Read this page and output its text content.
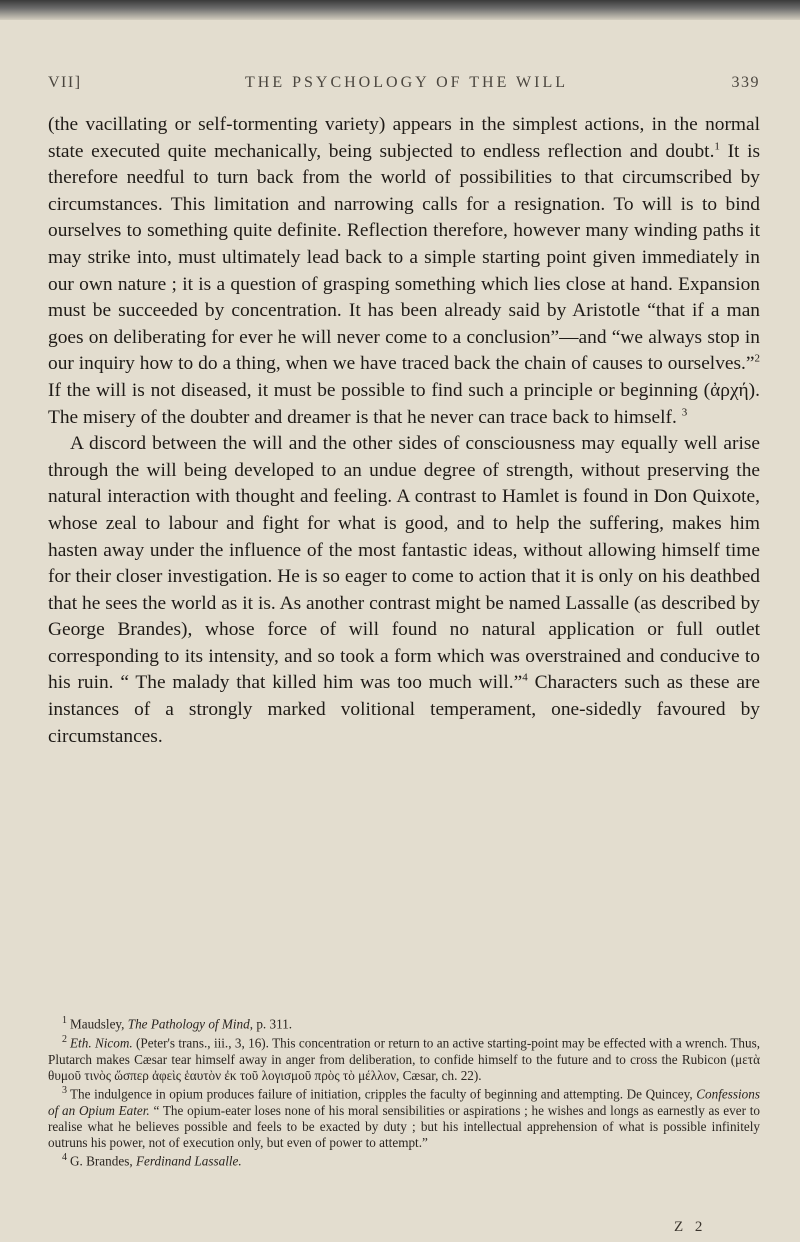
VII]	THE PSYCHOLOGY OF THE WILL	339

(the vacillating or self-tormenting variety) appears in the simplest actions, in the normal state executed quite mechanically, being subjected to endless reflection and doubt.$^1$ It is therefore needful to turn back from the world of possibilities to that circumscribed by circumstances. This limitation and narrowing calls for a resignation. To will is to bind ourselves to something quite definite. Reflection therefore, however many winding paths it may strike into, must ultimately lead back to a simple starting point given immediately in our own nature ; it is a question of grasping something which lies close at hand. Expansion must be succeeded by concentration. It has been already said by Aristotle “that if a man goes on deliberating for ever he will never come to a conclusion”—and “we always stop in our inquiry how to do a thing, when we have traced back the chain of causes to ourselves.”$^2$ If the will is not diseased, it must be possible to find such a principle or beginning (ἀρχή). The misery of the doubter and dreamer is that he never can trace back to himself. $^3$

A discord between the will and the other sides of consciousness may equally well arise through the will being developed to an undue degree of strength, without preserving the natural interaction with thought and feeling. A contrast to Hamlet is found in Don Quixote, whose zeal to labour and fight for what is good, and to help the suffering, makes him hasten away under the influence of the most fantastic ideas, without allowing himself time for their closer investigation. He is so eager to come to action that it is only on his deathbed that he sees the world as it is. As another contrast might be named Lassalle (as described by George Brandes), whose force of will found no natural application or full outlet corresponding to its intensity, and so took a form which was overstrained and conducive to his ruin. “ The malady that killed him was too much will.”$^4$ Characters such as these are instances of a strongly marked volitional temperament, one-sidedly favoured by circumstances.

$^1$ Maudsley, The Pathology of Mind, p. 311.

$^2$ Eth. Nicom. (Peter's trans., iii., 3, 16). This concentration or return to an active starting-point may be effected with a wrench. Thus, Plutarch makes Cæsar tear himself away in anger from deliberation, to confide himself to the future and to cross the Rubicon (μετὰ θυμοῦ τινὸς ὥσπερ ἀφεὶς ἑαυτὸν ἐκ τοῦ λογισμοῦ πρὸς τὸ μέλλον, Cæsar, ch. 22).

$^3$ The indulgence in opium produces failure of initiation, cripples the faculty of beginning and attempting. De Quincey, Confessions of an Opium Eater. “ The opium-eater loses none of his moral sensibilities or aspirations ; he wishes and longs as earnestly as ever to realise what he believes possible and feels to be exacted by duty ; but his intellectual apprehension of what is possible infinitely outruns his power, not of execution only, but even of power to attempt.”

$^4$ G. Brandes, Ferdinand Lassalle.

Z 2
